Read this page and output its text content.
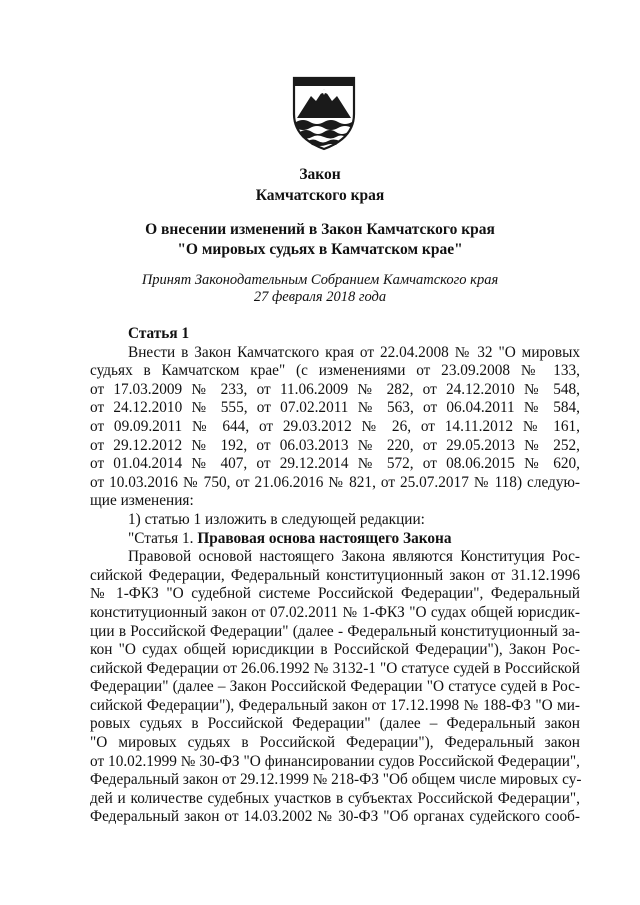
Закон
Камчатского края
О внесении изменений в Закон Камчатского края
"О мировых судьях в Камчатском крае"
Принят Законодательным Собранием Камчатского края
27 февраля 2018 года

Статья 1

Внести в Закон Камчатского края от 22.04.2008 № 32 "О мировых

судьях в Камчатском крае" (с изменениями от 23.09.2008 № 133,

от 17.03.2009 № 233, от 11.06.2009 № 282, от 24.12.2010 № 548,

от 24.12.2010 № 555, от 07.02.2011 № 563, от 06.04.2011 № 584,

от 09.09.2011 № 644, от 29.03.2012 № 26, от 14.11.2012 № 161,

от 29.12.2012 № 192, от 06.03.2013 № 220, от 29.05.2013 № 252,

от 01.04.2014 № 407, от 29.12.2014 № 572, от 08.06.2015 № 620,

от 10.03.2016 № 750, от 21.06.2016 № 821, от 25.07.2017 № 118) следую-

щие изменения:

1) статью 1 изложить в следующей редакции:

"Статья 1. Правовая основа настоящего Закона

Правовой основой настоящего Закона являются Конституция Рос-

сийской Федерации, Федеральный конституционный закон от 31.12.1996

№ 1-ФКЗ "О судебной системе Российской Федерации", Федеральный

конституционный закон от 07.02.2011 № 1-ФКЗ "О судах общей юрисдик-

ции в Российской Федерации" (далее - Федеральный конституционный за-

кон "О судах общей юрисдикции в Российской Федерации"), Закон Рос-

сийской Федерации от 26.06.1992 № 3132-1 "О статусе судей в Российской

Федерации" (далее – Закон Российской Федерации "О статусе судей в Рос-

сийской Федерации"), Федеральный закон от 17.12.1998 № 188-ФЗ "О ми-

ровых судьях в Российской Федерации" (далее – Федеральный закон

"О мировых судьях в Российской Федерации"), Федеральный закон

от 10.02.1999 № 30-ФЗ "О финансировании судов Российской Федерации",

Федеральный закон от 29.12.1999 № 218-ФЗ "Об общем числе мировых су-

дей и количестве судебных участков в субъектах Российской Федерации",

Федеральный закон от 14.03.2002 № 30-ФЗ "Об органах судейского сооб-
